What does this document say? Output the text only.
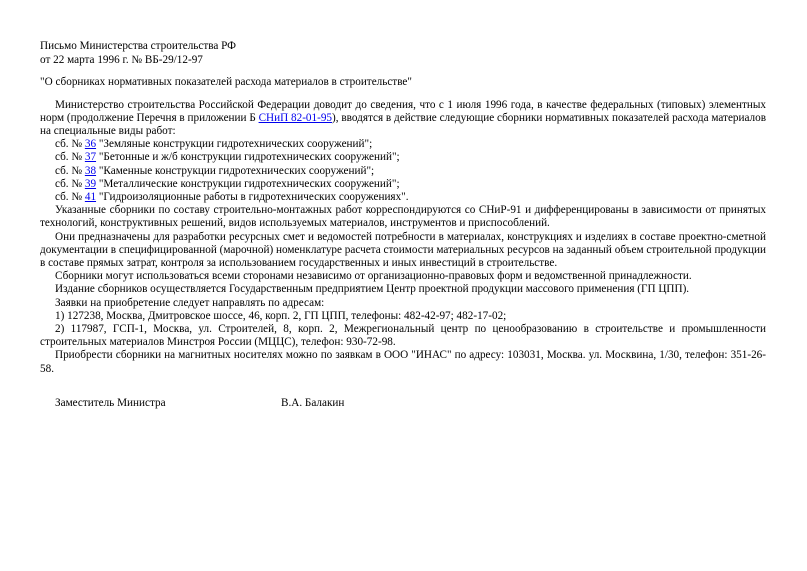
Письмо Министерства строительства РФ

от 22 марта 1996 г. № ВБ-29/12-97

"О сборниках нормативных показателей расхода материалов в строительстве"

Министерство строительства Российской Федерации доводит до сведения, что с 1 июля 1996 года, в качестве федеральных (типовых) элементных норм (продолжение Перечня в приложении Б СНиП 82-01-95), вводятся в действие следующие сборники нормативных показателей расхода материалов на специальные виды работ:

сб. № 36 "Земляные конструкции гидротехнических сооружений";

сб. № 37 "Бетонные и ж/б конструкции гидротехнических сооружений";

сб. № 38 "Каменные конструкции гидротехнических сооружений";

сб. № 39 "Металлические конструкции гидротехнических сооружений";

сб. № 41 "Гидроизоляционные работы в гидротехнических сооружениях".

Указанные сборники по составу строительно-монтажных работ корреспондируются со СНиР-91 и дифференцированы в зависимости от принятых технологий, конструктивных решений, видов используемых материалов, инструментов и приспособлений.

Они предназначены для разработки ресурсных смет и ведомостей потребности в материалах, конструкциях и изделиях в составе проектно-сметной документации в специфицированной (марочной) номенклатуре расчета стоимости материальных ресурсов на заданный объем строительной продукции в составе прямых затрат, контроля за использованием государственных и иных инвестиций в строительстве.

Сборники могут использоваться всеми сторонами независимо от организационно-правовых форм и ведомственной принадлежности.

Издание сборников осуществляется Государственным предприятием Центр проектной продукции массового применения (ГП ЦПП).

Заявки на приобретение следует направлять по адресам:

1) 127238, Москва, Дмитровское шоссе, 46, корп. 2, ГП ЦПП, телефоны: 482-42-97; 482-17-02;

2) 117987, ГСП-1, Москва, ул. Строителей, 8, корп. 2, Межрегиональный центр по ценообразованию в строительстве и промышленности строительных материалов Минстроя России (МЦЦС), телефон: 930-72-98.

Приобрести сборники на магнитных носителях можно по заявкам в ООО "ИНАС" по адресу: 103031, Москва. ул. Москвина, 1/30, телефон: 351-26-58.

Заместитель Министра	В.А. Балакин
